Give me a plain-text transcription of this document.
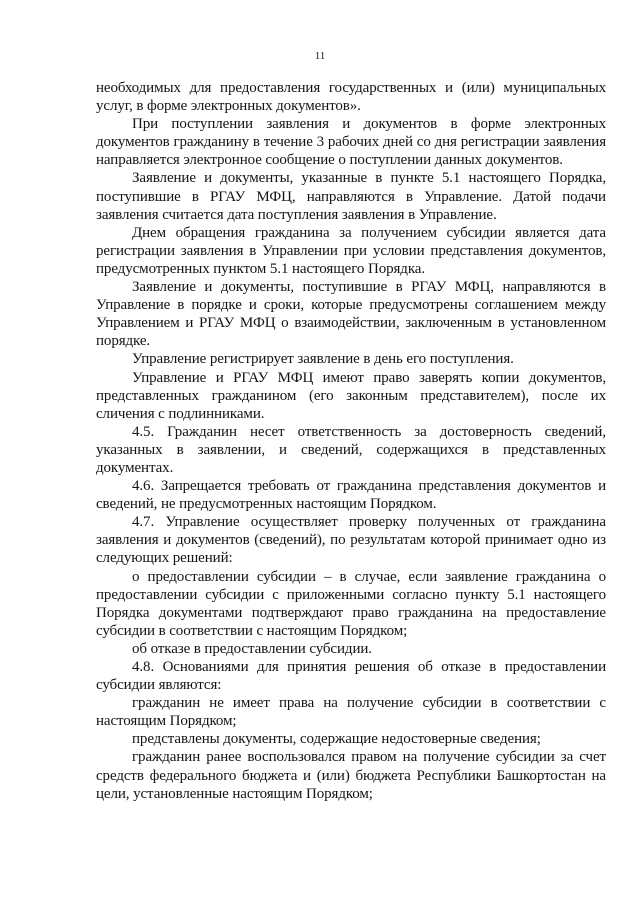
11

необходимых для предоставления государственных и (или) муниципальных услуг, в форме электронных документов».

При поступлении заявления и документов в форме электронных документов гражданину в течение 3 рабочих дней со дня регистрации заявления направляется электронное сообщение о поступлении данных документов.

Заявление и документы, указанные в пункте 5.1 настоящего Порядка, поступившие в РГАУ МФЦ, направляются в Управление. Датой подачи заявления считается дата поступления заявления в Управление.

Днем обращения гражданина за получением субсидии является дата регистрации заявления в Управлении при условии представления документов, предусмотренных пунктом 5.1 настоящего Порядка.

Заявление и документы, поступившие в РГАУ МФЦ, направляются в Управление в порядке и сроки, которые предусмотрены соглашением между Управлением и РГАУ МФЦ о взаимодействии, заключенным в установленном порядке.

Управление регистрирует заявление в день его поступления.

Управление и РГАУ МФЦ имеют право заверять копии документов, представленных гражданином (его законным представителем), после их сличения с подлинниками.

4.5. Гражданин несет ответственность за достоверность сведений, указанных в заявлении, и сведений, содержащихся в представленных документах.

4.6. Запрещается требовать от гражданина представления документов и сведений, не предусмотренных настоящим Порядком.

4.7. Управление осуществляет проверку полученных от гражданина заявления и документов (сведений), по результатам которой принимает одно из следующих решений:

о предоставлении субсидии – в случае, если заявление гражданина о предоставлении субсидии с приложенными согласно пункту 5.1 настоящего Порядка документами подтверждают право гражданина на предоставление субсидии в соответствии с настоящим Порядком;

об отказе в предоставлении субсидии.

4.8. Основаниями для принятия решения об отказе в предоставлении субсидии являются:

гражданин не имеет права на получение субсидии в соответствии с настоящим Порядком;

представлены документы, содержащие недостоверные сведения;

гражданин ранее воспользовался правом на получение субсидии за счет средств федерального бюджета и (или) бюджета Республики Башкортостан на цели, установленные настоящим Порядком;
